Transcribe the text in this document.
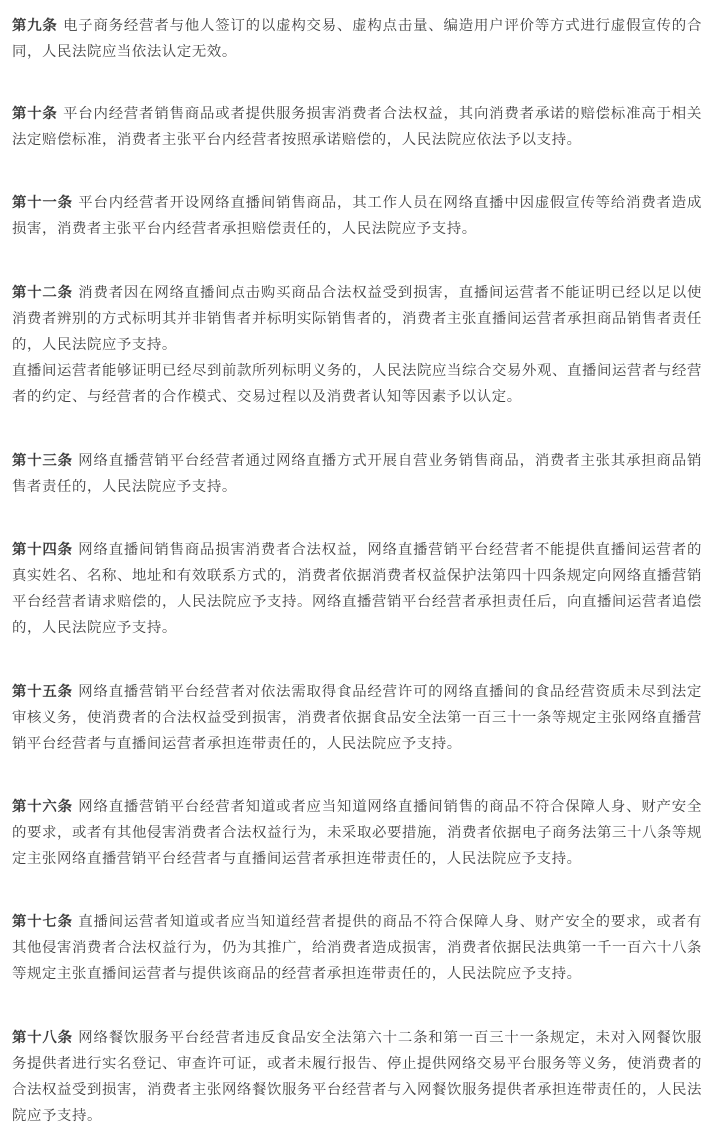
第九条 电子商务经营者与他人签订的以虚构交易、虚构点击量、编造用户评价等方式进行虚假宣传的合同，人民法院应当依法认定无效。

第十条 平台内经营者销售商品或者提供服务损害消费者合法权益，其向消费者承诺的赔偿标准高于相关法定赔偿标准，消费者主张平台内经营者按照承诺赔偿的，人民法院应依法予以支持。

第十一条 平台内经营者开设网络直播间销售商品，其工作人员在网络直播中因虚假宣传等给消费者造成损害，消费者主张平台内经营者承担赔偿责任的，人民法院应予支持。

第十二条 消费者因在网络直播间点击购买商品合法权益受到损害，直播间运营者不能证明已经以足以使消费者辨别的方式标明其并非销售者并标明实际销售者的，消费者主张直播间运营者承担商品销售者责任的，人民法院应予支持。

直播间运营者能够证明已经尽到前款所列标明义务的，人民法院应当综合交易外观、直播间运营者与经营者的约定、与经营者的合作模式、交易过程以及消费者认知等因素予以认定。

第十三条 网络直播营销平台经营者通过网络直播方式开展自营业务销售商品，消费者主张其承担商品销售者责任的，人民法院应予支持。

第十四条 网络直播间销售商品损害消费者合法权益，网络直播营销平台经营者不能提供直播间运营者的真实姓名、名称、地址和有效联系方式的，消费者依据消费者权益保护法第四十四条规定向网络直播营销平台经营者请求赔偿的，人民法院应予支持。网络直播营销平台经营者承担责任后，向直播间运营者追偿的，人民法院应予支持。

第十五条 网络直播营销平台经营者对依法需取得食品经营许可的网络直播间的食品经营资质未尽到法定审核义务，使消费者的合法权益受到损害，消费者依据食品安全法第一百三十一条等规定主张网络直播营销平台经营者与直播间运营者承担连带责任的，人民法院应予支持。

第十六条 网络直播营销平台经营者知道或者应当知道网络直播间销售的商品不符合保障人身、财产安全的要求，或者有其他侵害消费者合法权益行为，未采取必要措施，消费者依据电子商务法第三十八条等规定主张网络直播营销平台经营者与直播间运营者承担连带责任的，人民法院应予支持。

第十七条 直播间运营者知道或者应当知道经营者提供的商品不符合保障人身、财产安全的要求，或者有其他侵害消费者合法权益行为，仍为其推广，给消费者造成损害，消费者依据民法典第一千一百六十八条等规定主张直播间运营者与提供该商品的经营者承担连带责任的，人民法院应予支持。

第十八条 网络餐饮服务平台经营者违反食品安全法第六十二条和第一百三十一条规定，未对入网餐饮服务提供者进行实名登记、审查许可证，或者未履行报告、停止提供网络交易平台服务等义务，使消费者的合法权益受到损害，消费者主张网络餐饮服务平台经营者与入网餐饮服务提供者承担连带责任的，人民法院应予支持。
